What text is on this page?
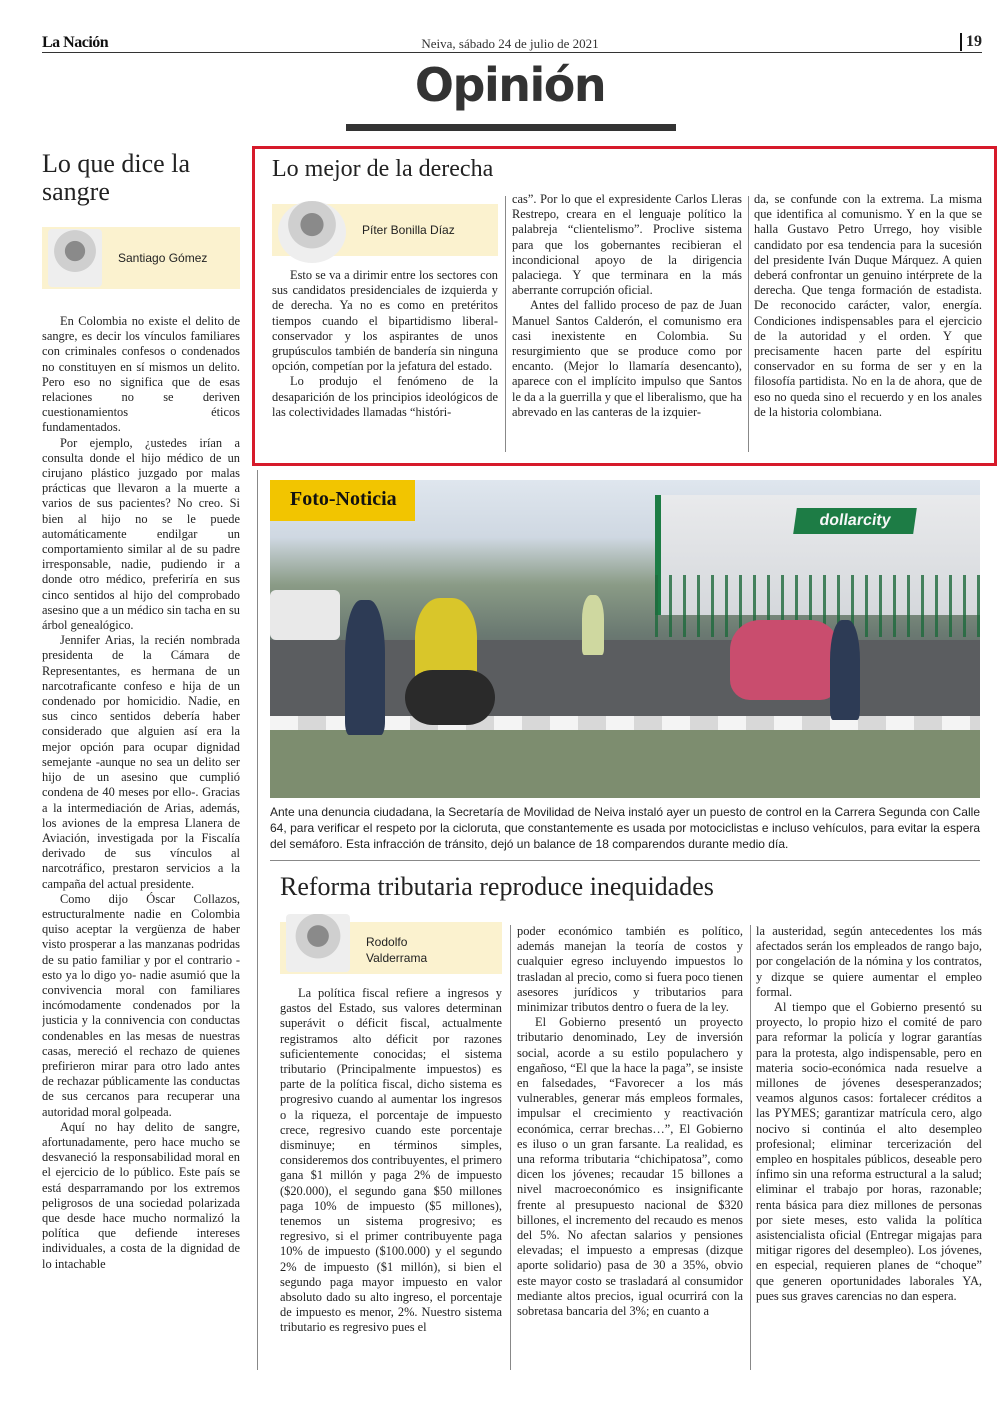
La Nación	Neiva, sábado 24 de julio de 2021	19
Opinión
Lo que dice la sangre
Santiago Gómez

En Colombia no existe el delito de sangre, es decir los vínculos familiares con criminales confesos o condenados no constituyen en sí mismos un delito. Pero eso no significa que de esas relaciones no se deriven cuestionamientos éticos fundamentados.

Por ejemplo, ¿ustedes irían a consulta donde el hijo médico de un cirujano plástico juzgado por malas prácticas que llevaron a la muerte a varios de sus pacientes? No creo. Si bien al hijo no se le puede automáticamente endilgar un comportamiento similar al de su padre irresponsable, nadie, pudiendo ir a donde otro médico, preferiría en sus cinco sentidos al hijo del comprobado asesino que a un médico sin tacha en su árbol genealógico.

Jennifer Arias, la recién nombrada presidenta de la Cámara de Representantes, es hermana de un narcotraficante confeso e hija de un condenado por homicidio. Nadie, en sus cinco sentidos debería haber considerado que alguien así era la mejor opción para ocupar dignidad semejante -aunque no sea un delito ser hijo de un asesino que cumplió condena de 40 meses por ello-. Gracias a la intermediación de Arias, además, los aviones de la empresa Llanera de Aviación, investigada por la Fiscalía derivado de sus vínculos al narcotráfico, prestaron servicios a la campaña del actual presidente.

Como dijo Óscar Collazos, estructuralmente nadie en Colombia quiso aceptar la vergüenza de haber visto prosperar a las manzanas podridas de su patio familiar y por el contrario -esto ya lo digo yo- nadie asumió que la convivencia moral con familiares incómodamente condenados por la justicia y la connivencia con conductas condenables en las mesas de nuestras casas, mereció el rechazo de quienes prefirieron mirar para otro lado antes de rechazar públicamente las conductas de sus cercanos para recuperar una autoridad moral golpeada.

Aquí no hay delito de sangre, afortunadamente, pero hace mucho se desvaneció la responsabilidad moral en el ejercicio de lo público. Este país se está desparramando por los extremos peligrosos de una sociedad polarizada que desde hace mucho normalizó la política que defiende intereses individuales, a costa de la dignidad de lo intachable

Lo mejor de la derecha
Píter Bonilla Díaz

Esto se va a dirimir entre los sectores con sus candidatos presidenciales de izquierda y de derecha. Ya no es como en pretéritos tiempos cuando el bipartidismo liberal-conservador y los aspirantes de unos grupúsculos también de bandería sin ninguna opción, competían por la jefatura del estado.

Lo produjo el fenómeno de la desaparición de los principios ideológicos de las colectividades llamadas “históri-

cas”. Por lo que el expresidente Carlos Lleras Restrepo, creara en el lenguaje político la palabreja “clientelismo”. Proclive sistema para que los gobernantes recibieran el incondicional apoyo de la dirigencia palaciega. Y que terminara en la más aberrante corrupción oficial.

Antes del fallido proceso de paz de Juan Manuel Santos Calderón, el comunismo era casi inexistente en Colombia. Su resurgimiento que se produce como por encanto. (Mejor lo llamaría desencanto), aparece con el implícito impulso que Santos le da a la guerrilla y que el liberalismo, que ha abrevado en las canteras de la izquier-

da, se confunde con la extrema. La misma que identifica al comunismo. Y en la que se halla Gustavo Petro Urrego, hoy visible candidato por esa tendencia para la sucesión del presidente Iván Duque Márquez. A quien deberá confrontar un genuino intérprete de la derecha. Que tenga formación de estadista. De reconocido carácter, valor, energía. Condiciones indispensables para el ejercicio de la autoridad y el orden. Y que precisamente hacen parte del espíritu conservador en su forma de ser y en la filosofía partidista. No en la de ahora, que de eso no queda sino el recuerdo y en los anales de la historia colombiana.

dollarcity
Foto-Noticia
Ante una denuncia ciudadana, la Secretaría de Movilidad de Neiva instaló ayer un puesto de control en la Carrera Segunda con Calle 64, para verificar el respeto por la cicloruta, que constantemente es usada por motociclistas e incluso vehículos, para evitar la espera del semáforo. Esta infracción de tránsito, dejó un balance de 18 comparendos durante medio día.
Reforma tributaria reproduce inequidades
Rodolfo
Valderrama

La política fiscal refiere a ingresos y gastos del Estado, sus valores determinan superávit o déficit fiscal, actualmente registramos alto déficit por razones suficientemente conocidas; el sistema tributario (Principalmente impuestos) es parte de la política fiscal, dicho sistema es progresivo cuando al aumentar los ingresos o la riqueza, el porcentaje de impuesto crece, regresivo cuando este porcentaje disminuye; en términos simples, consideremos dos contribuyentes, el primero gana $1 millón y paga 2% de impuesto ($20.000), el segundo gana $50 millones paga 10% de impuesto ($5 millones), tenemos un sistema progresivo; es regresivo, si el primer contribuyente paga 10% de impuesto ($100.000) y el segundo 2% de impuesto ($1 millón), si bien el segundo paga mayor impuesto en valor absoluto dado su alto ingreso, el porcentaje de impuesto es menor, 2%. Nuestro sistema tributario es regresivo pues el

poder económico también es político, además manejan la teoría de costos y cualquier egreso incluyendo impuestos lo trasladan al precio, como si fuera poco tienen asesores jurídicos y tributarios para minimizar tributos dentro o fuera de la ley.

El Gobierno presentó un proyecto tributario denominado, Ley de inversión social, acorde a su estilo populachero y engañoso, “El que la hace la paga”, se insiste en falsedades, “Favorecer a los más vulnerables, generar más empleos formales, impulsar el crecimiento y reactivación económica, cerrar brechas…”, El Gobierno es iluso o un gran farsante. La realidad, es una reforma tributaria “chichipatosa”, como dicen los jóvenes; recaudar 15 billones a nivel macroeconómico es insignificante frente al presupuesto nacional de $320 billones, el incremento del recaudo es menos del 5%. No afectan salarios y pensiones elevadas; el impuesto a empresas (dizque aporte solidario) pasa de 30 a 35%, obvio este mayor costo se trasladará al consumidor mediante altos precios, igual ocurrirá con la sobretasa bancaria del 3%; en cuanto a

la austeridad, según antecedentes los más afectados serán los empleados de rango bajo, por congelación de la nómina y los contratos, y dizque se quiere aumentar el empleo formal.

Al tiempo que el Gobierno presentó su proyecto, lo propio hizo el comité de paro para reformar la policía y lograr garantías para la protesta, algo indispensable, pero en materia socio-económica nada resuelve a millones de jóvenes desesperanzados; veamos algunos casos: fortalecer créditos a las PYMES; garantizar matrícula cero, algo nocivo si continúa el alto desempleo profesional; eliminar tercerización del empleo en hospitales públicos, deseable pero ínfimo sin una reforma estructural a la salud; eliminar el trabajo por horas, razonable; renta básica para diez millones de personas por siete meses, esto valida la política asistencialista oficial (Entregar migajas para mitigar rigores del desempleo). Los jóvenes, en especial, requieren planes de “choque” que generen oportunidades laborales YA, pues sus graves carencias no dan espera.
